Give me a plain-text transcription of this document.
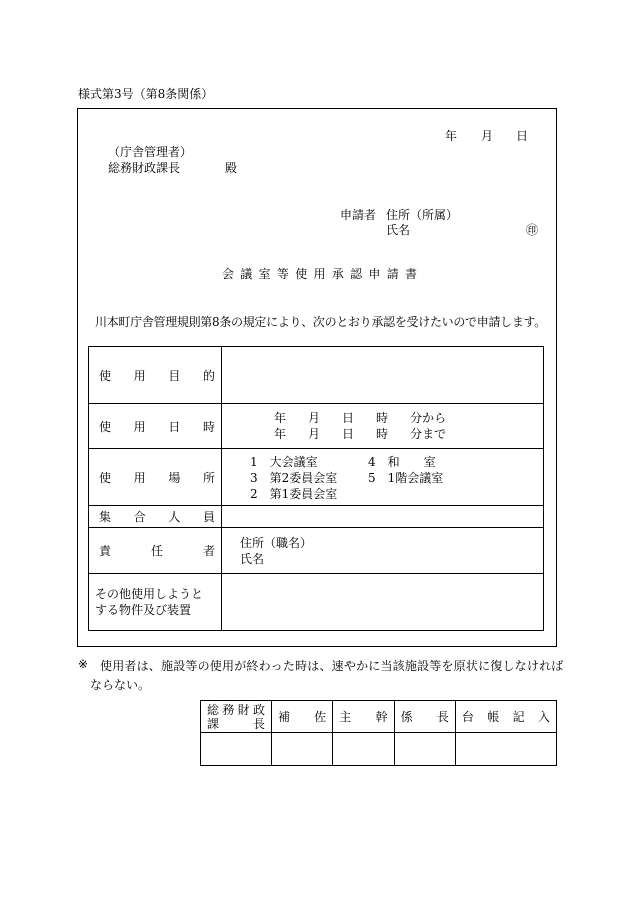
様式第3号（第8条関係）
年 月 日
（庁舎管理者）
総務財政課長	殿
申請者 住所（所属）
氏名	㊞
会議室等使用承認申請書
川本町庁舎管理規則第8条の規定により、次のとおり承認を受けたいので申請します。
使用目的	
使用日時	年 月 日 時 分から
年 月 日 時 分まで

使用場所	1　大会議室 4　和　　室
3　第2委員会室 5　1階会議室
2　第1委員会室

集合人員	
責任者	住所（職名）
氏名

その他使用しようと
する物件及び装置	

※ 使用者は、施設等の使用が終わった時は、速やかに当該施設等を原状に復しなければ
ならない。
総務財政
課長	補佐	主幹	係長	台帳記入
